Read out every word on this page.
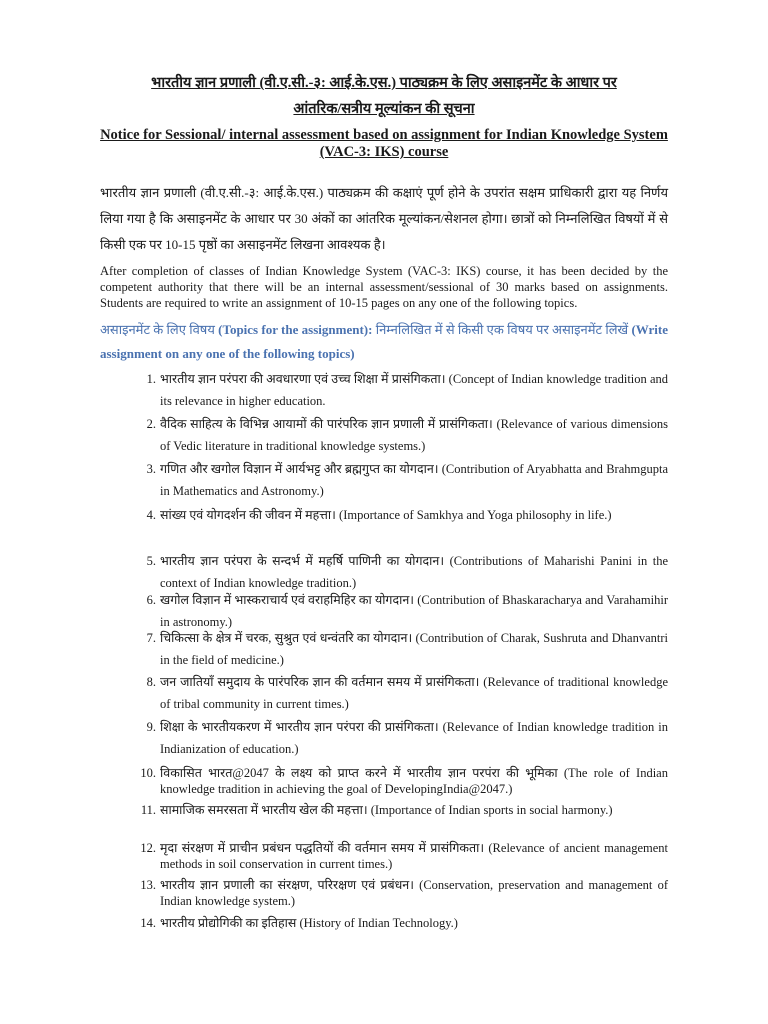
भारतीय ज्ञान प्रणाली (वी.ए.सी.-३: आई.के.एस.) पाठ्यक्रम के लिए असाइनमेंट के आधार पर
आंतरिक/सत्रीय मूल्यांकन की सूचना
Notice for Sessional/ internal assessment based on assignment for Indian Knowledge System
(VAC-3: IKS) course
भारतीय ज्ञान प्रणाली (वी.ए.सी.-३: आई.के.एस.) पाठ्यक्रम की कक्षाएं पूर्ण होने के उपरांत सक्षम प्राधिकारी द्वारा यह निर्णय लिया गया है कि असाइनमेंट के आधार पर 30 अंकों का आंतरिक मूल्यांकन/सेशनल होगा। छात्रों को निम्नलिखित विषयों में से किसी एक पर 10-15 पृष्ठों का असाइनमेंट लिखना आवश्यक है।
After completion of classes of Indian Knowledge System (VAC-3: IKS) course, it has been decided by the competent authority that there will be an internal assessment/sessional of 30 marks based on assignments. Students are required to write an assignment of 10-15 pages on any one of the following topics.
असाइनमेंट के लिए विषय (Topics for the assignment): निम्नलिखित में से किसी एक विषय पर असाइनमेंट लिखें (Write assignment on any one of the following topics)
1. भारतीय ज्ञान परंपरा की अवधारणा एवं उच्च शिक्षा में प्रासंगिकता। (Concept of Indian knowledge tradition and its relevance in higher education.
2. वैदिक साहित्य के विभिन्न आयामों की पारंपरिक ज्ञान प्रणाली में प्रासंगिकता। (Relevance of various dimensions of Vedic literature in traditional knowledge systems.)
3. गणित और खगोल विज्ञान में आर्यभट्ट और ब्रह्मगुप्त का योगदान। (Contribution of Aryabhatta and Brahmgupta in Mathematics and Astronomy.)
4. सांख्य एवं योगदर्शन की जीवन में महत्ता। (Importance of Samkhya and Yoga philosophy in life.)
5. भारतीय ज्ञान परंपरा के सन्दर्भ में महर्षि पाणिनी का योगदान। (Contributions of Maharishi Panini in the context of Indian knowledge tradition.)
6. खगोल विज्ञान में भास्कराचार्य एवं वराहमिहिर का योगदान। (Contribution of Bhaskaracharya and Varahamihir in astronomy.)
7. चिकित्सा के क्षेत्र में चरक, सुश्रुत एवं धन्वंतरि का योगदान। (Contribution of Charak, Sushruta and Dhanvantri in the field of medicine.)
8. जन जातियाँ समुदाय के पारंपरिक ज्ञान की वर्तमान समय में प्रासंगिकता। (Relevance of traditional knowledge of tribal community in current times.)
9. शिक्षा के भारतीयकरण में भारतीय ज्ञान परंपरा की प्रासंगिकता। (Relevance of Indian knowledge tradition in Indianization of education.)
10. विकासित भारत@2047 के लक्ष्य को प्राप्त करने में भारतीय ज्ञान परपंरा की भूमिका (The role of Indian knowledge tradition in achieving the goal of DevelopingIndia@2047.)
11. सामाजिक समरसता में भारतीय खेल की महत्ता। (Importance of Indian sports in social harmony.)
12. मृदा संरक्षण में प्राचीन प्रबंधन पद्धतियों की वर्तमान समय में प्रासंगिकता। (Relevance of ancient management methods in soil conservation in current times.)
13. भारतीय ज्ञान प्रणाली का संरक्षण, परिरक्षण एवं प्रबंधन। (Conservation, preservation and management of Indian knowledge system.)
14. भारतीय प्रोद्योगिकी का इतिहास (History of Indian Technology.)
